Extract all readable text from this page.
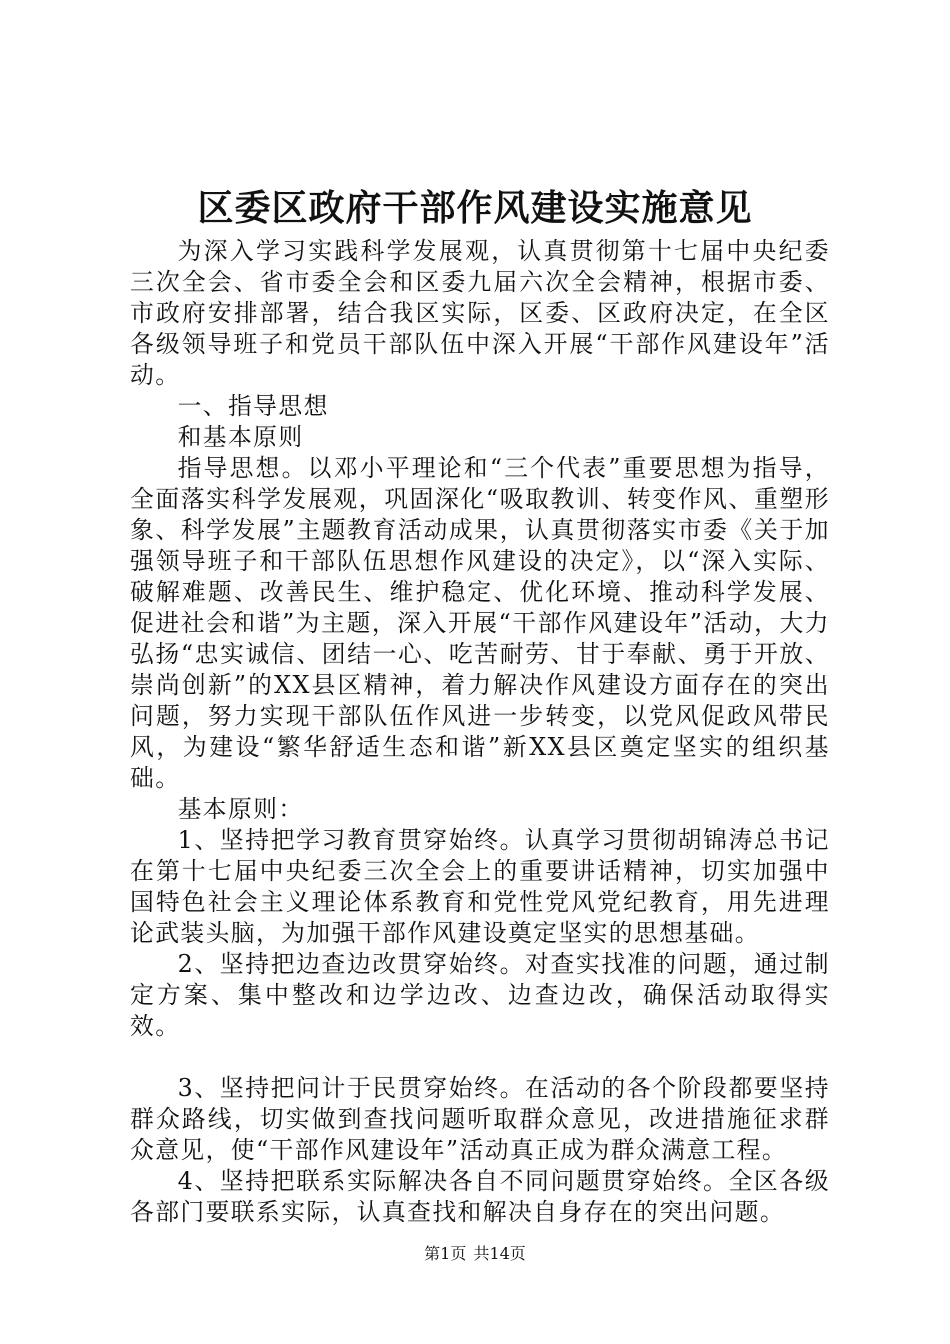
区委区政府干部作风建设实施意见

为深入学习实践科学发展观，认真贯彻第十七届中央纪委三次全会、省市委全会和区委九届六次全会精神，根据市委、市政府安排部署，结合我区实际，区委、区政府决定，在全区各级领导班子和党员干部队伍中深入开展“干部作风建设年”活动。

一、指导思想

和基本原则

指导思想。以邓小平理论和“三个代表”重要思想为指导，全面落实科学发展观，巩固深化“吸取教训、转变作风、重塑形象、科学发展”主题教育活动成果，认真贯彻落实市委《关于加强领导班子和干部队伍思想作风建设的决定》，以“深入实际、破解难题、改善民生、维护稳定、优化环境、推动科学发展、促进社会和谐”为主题，深入开展“干部作风建设年”活动，大力弘扬“忠实诚信、团结一心、吃苦耐劳、甘于奉献、勇于开放、崇尚创新”的XX县区精神，着力解决作风建设方面存在的突出问题，努力实现干部队伍作风进一步转变，以党风促政风带民风，为建设“繁华舒适生态和谐”新XX县区奠定坚实的组织基础。

基本原则：

1、坚持把学习教育贯穿始终。认真学习贯彻胡锦涛总书记在第十七届中央纪委三次全会上的重要讲话精神，切实加强中国特色社会主义理论体系教育和党性党风党纪教育，用先进理论武装头脑，为加强干部作风建设奠定坚实的思想基础。

2、坚持把边查边改贯穿始终。对查实找准的问题，通过制定方案、集中整改和边学边改、边查边改，确保活动取得实效。

3、坚持把问计于民贯穿始终。在活动的各个阶段都要坚持群众路线，切实做到查找问题听取群众意见，改进措施征求群众意见，使“干部作风建设年”活动真正成为群众满意工程。

4、坚持把联系实际解决各自不同问题贯穿始终。全区各级各部门要联系实际，认真查找和解决自身存在的突出问题。

第1页 共14页
